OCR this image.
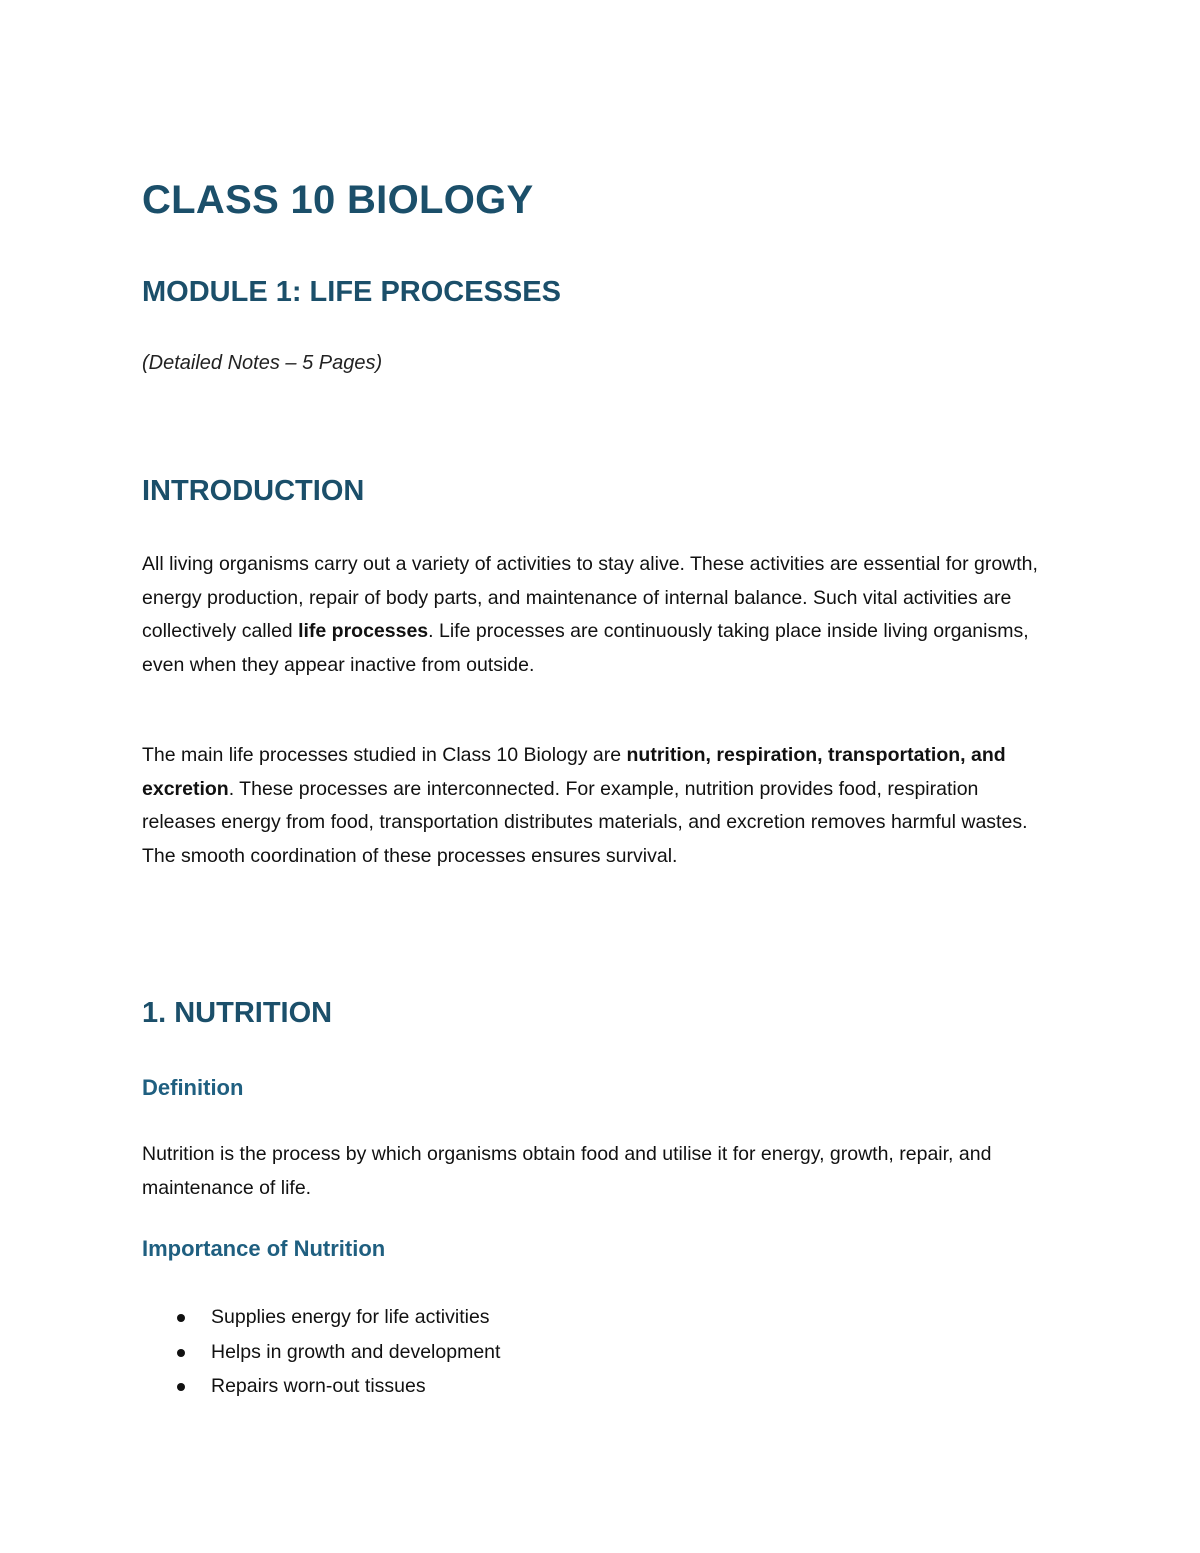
CLASS 10 BIOLOGY
MODULE 1: LIFE PROCESSES

(Detailed Notes – 5 Pages)

INTRODUCTION

All living organisms carry out a variety of activities to stay alive. These activities are essential for growth, energy production, repair of body parts, and maintenance of internal balance. Such vital activities are collectively called life processes. Life processes are continuously taking place inside living organisms, even when they appear inactive from outside.

The main life processes studied in Class 10 Biology are nutrition, respiration, transportation, and excretion. These processes are interconnected. For example, nutrition provides food, respiration releases energy from food, transportation distributes materials, and excretion removes harmful wastes. The smooth coordination of these processes ensures survival.

1. NUTRITION
Definition

Nutrition is the process by which organisms obtain food and utilise it for energy, growth, repair, and maintenance of life.

Importance of Nutrition
Supplies energy for life activities
Helps in growth and development
Repairs worn-out tissues
